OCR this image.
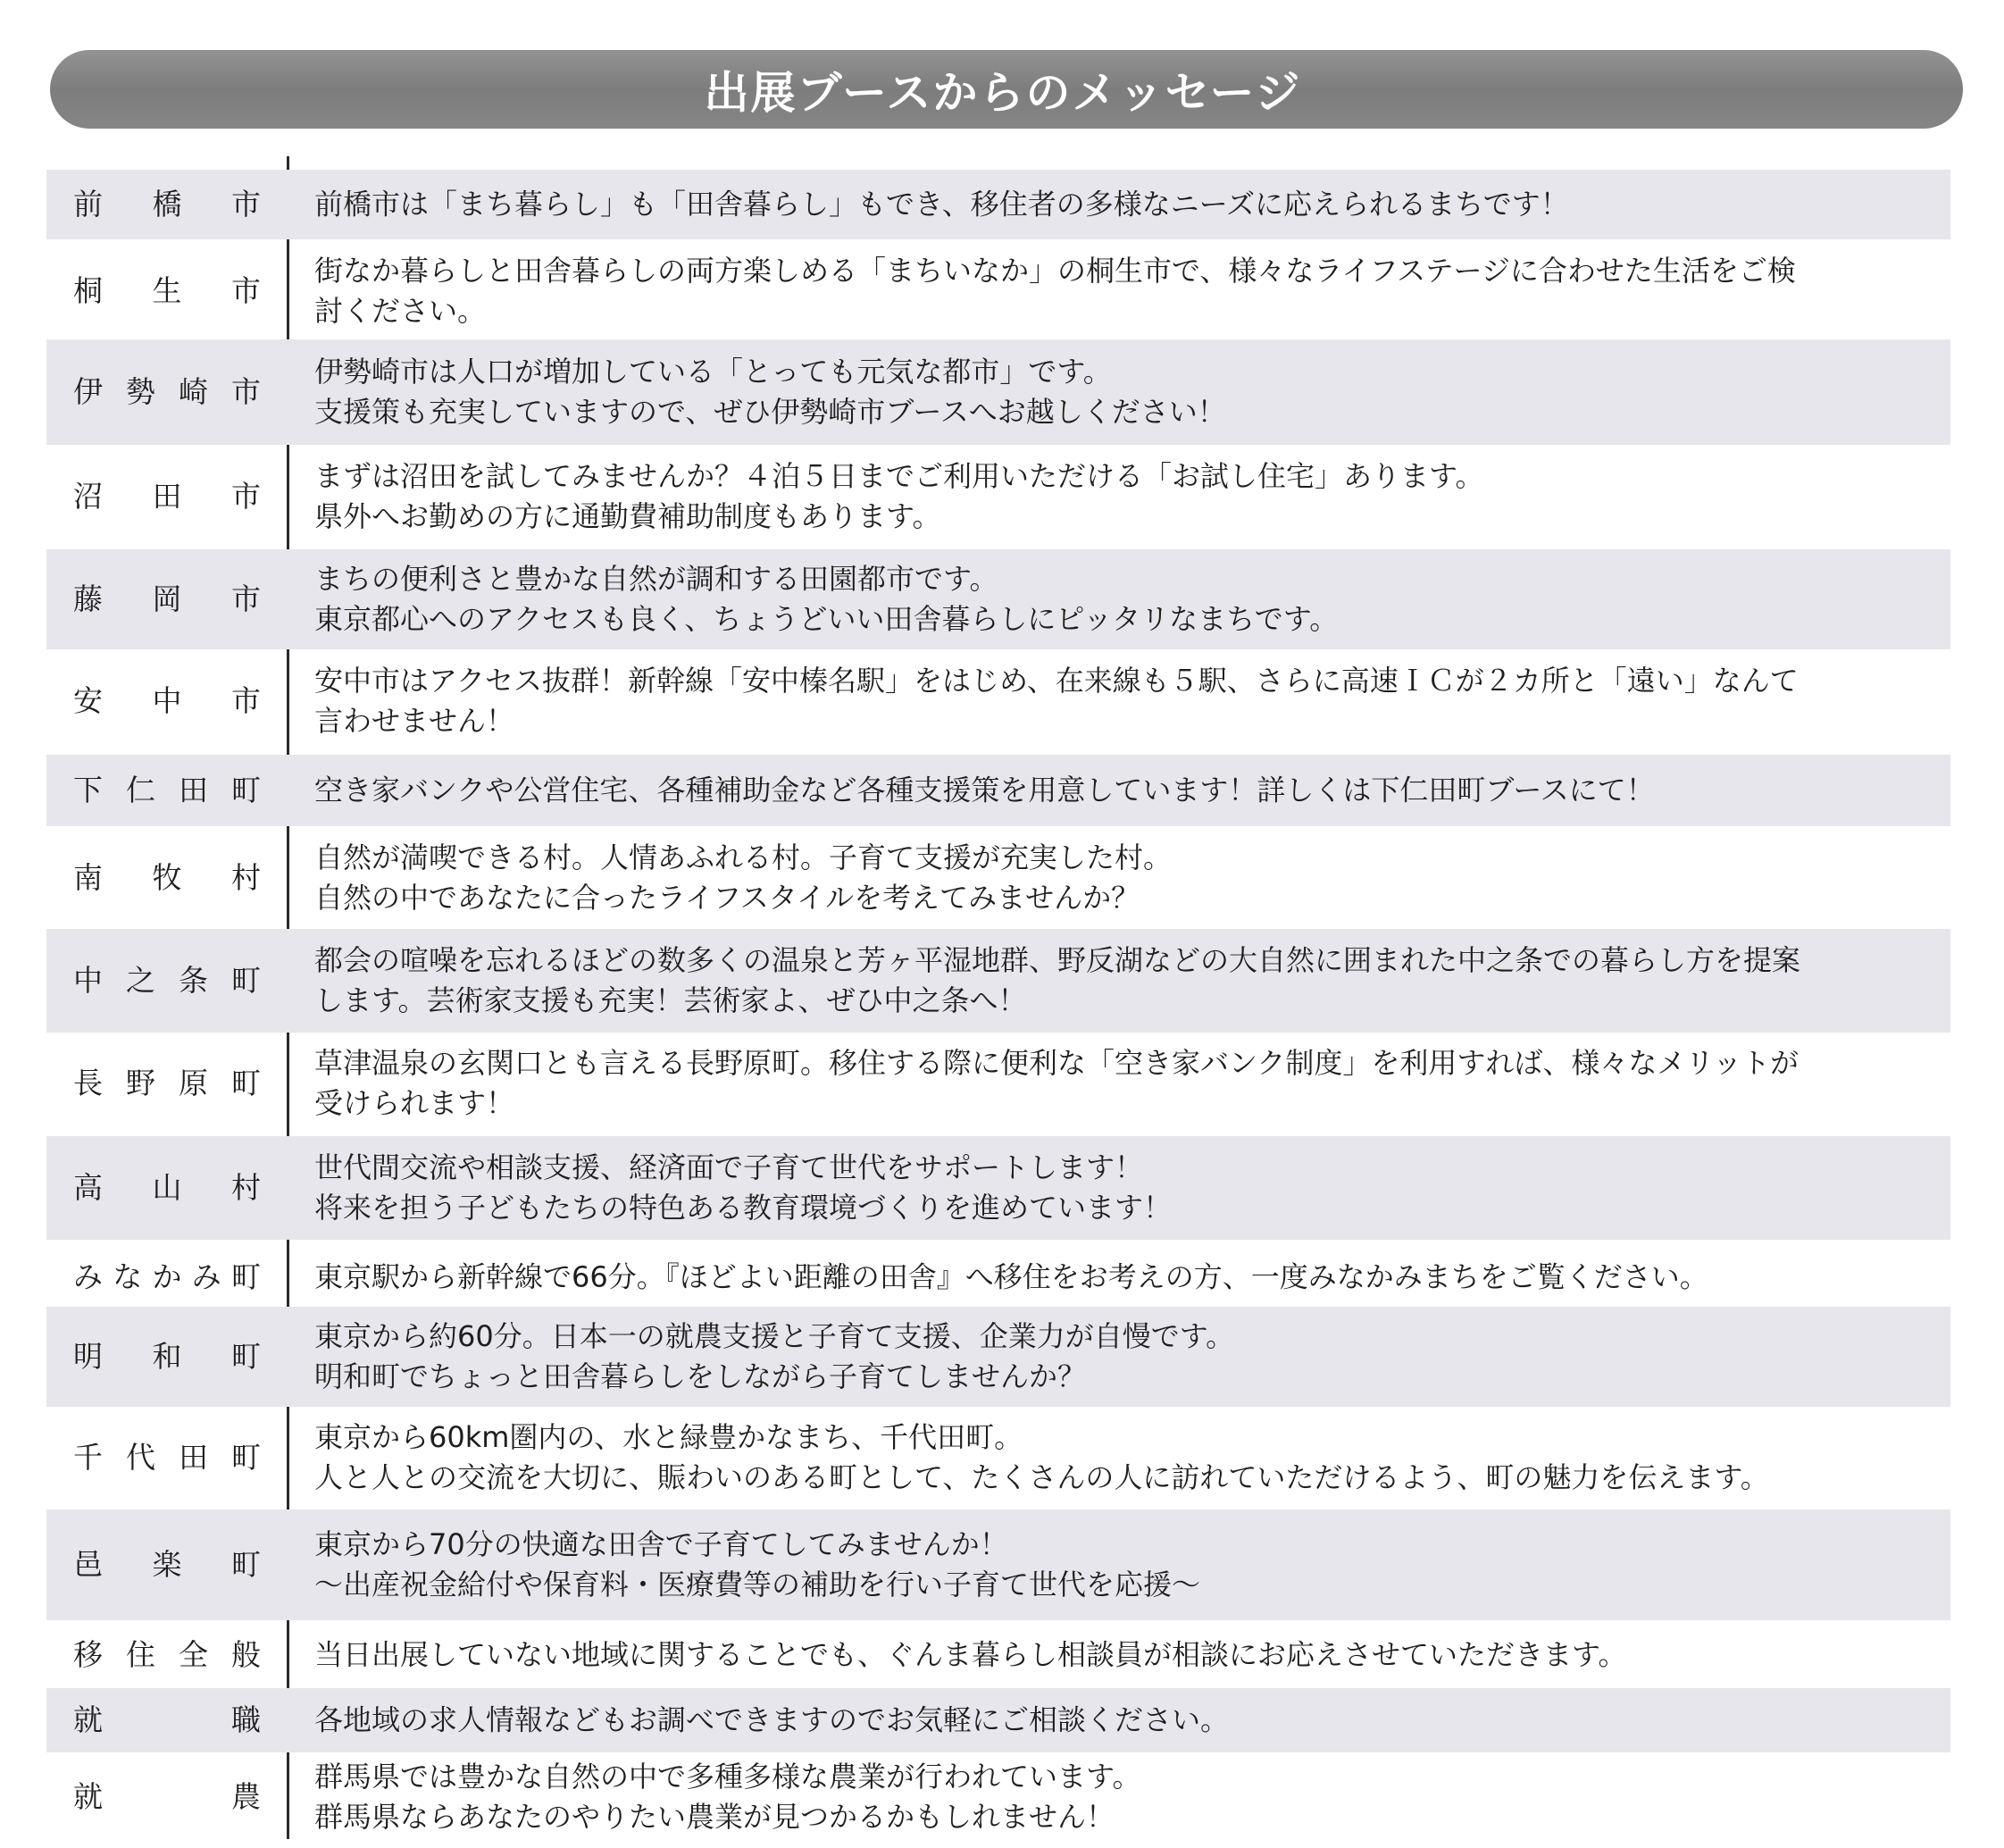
出展ブースからのメッセージ
前 橋 市 前橋市は「まち暮らし」も「田舎暮らし」もでき、移住者の多様なニーズに応えられるまちです！
桐 生 市
街なか暮らしと田舎暮らしの両方楽しめる「まちいなか」の桐生市で、様々なライフステージに合わせた生活をご検
討ください。
伊 勢 崎 市
伊勢崎市は人口が増加している「とっても元気な都市」です。
支援策も充実していますので、ぜひ伊勢崎市ブースへお越しください！
沼 田 市
まずは沼田を試してみませんか？４泊５日までご利用いただける「お試し住宅」あります。
県外へお勤めの方に通勤費補助制度もあります。
藤 岡 市
まちの便利さと豊かな自然が調和する田園都市です。
東京都心へのアクセスも良く、ちょうどいい田舎暮らしにピッタリなまちです。
安 中 市
安中市はアクセス抜群！新幹線「安中榛名駅」をはじめ、在来線も５駅、さらに高速ＩＣが２カ所と「遠い」なんて
言わせません！
下 仁 田 町 空き家バンクや公営住宅、各種補助金など各種支援策を用意しています！詳しくは下仁田町ブースにて！
南 牧 村
自然が満喫できる村。人情あふれる村。子育て支援が充実した村。
自然の中であなたに合ったライフスタイルを考えてみませんか？
中 之 条 町
都会の喧噪を忘れるほどの数多くの温泉と芳ヶ平湿地群、野反湖などの大自然に囲まれた中之条での暮らし方を提案
します。芸術家支援も充実！芸術家よ、ぜひ中之条へ！
長 野 原 町
草津温泉の玄関口とも言える長野原町。移住する際に便利な「空き家バンク制度」を利用すれば、様々なメリットが
受けられます！
高 山 村
世代間交流や相談支援、経済面で子育て世代をサポートします！
将来を担う子どもたちの特色ある教育環境づくりを進めています！
み な か み 町 東京駅から新幹線で66分。『ほどよい距離の田舎』へ移住をお考えの方、一度みなかみまちをご覧ください。
明 和 町
東京から約60分。日本一の就農支援と子育て支援、企業力が自慢です。
明和町でちょっと田舎暮らしをしながら子育てしませんか？
千 代 田 町
東京から60km圏内の、水と緑豊かなまち、千代田町。
人と人との交流を大切に、賑わいのある町として、たくさんの人に訪れていただけるよう、町の魅力を伝えます。
邑 楽 町
東京から70分の快適な田舎で子育てしてみませんか！
～出産祝金給付や保育料・医療費等の補助を行い子育て世代を応援～
移 住 全 般 当日出展していない地域に関することでも、ぐんま暮らし相談員が相談にお応えさせていただきます。
就	職 各地域の求人情報などもお調べできますのでお気軽にご相談ください。
就	農
群馬県では豊かな自然の中で多種多様な農業が行われています。
群馬県ならあなたのやりたい農業が見つかるかもしれません！
